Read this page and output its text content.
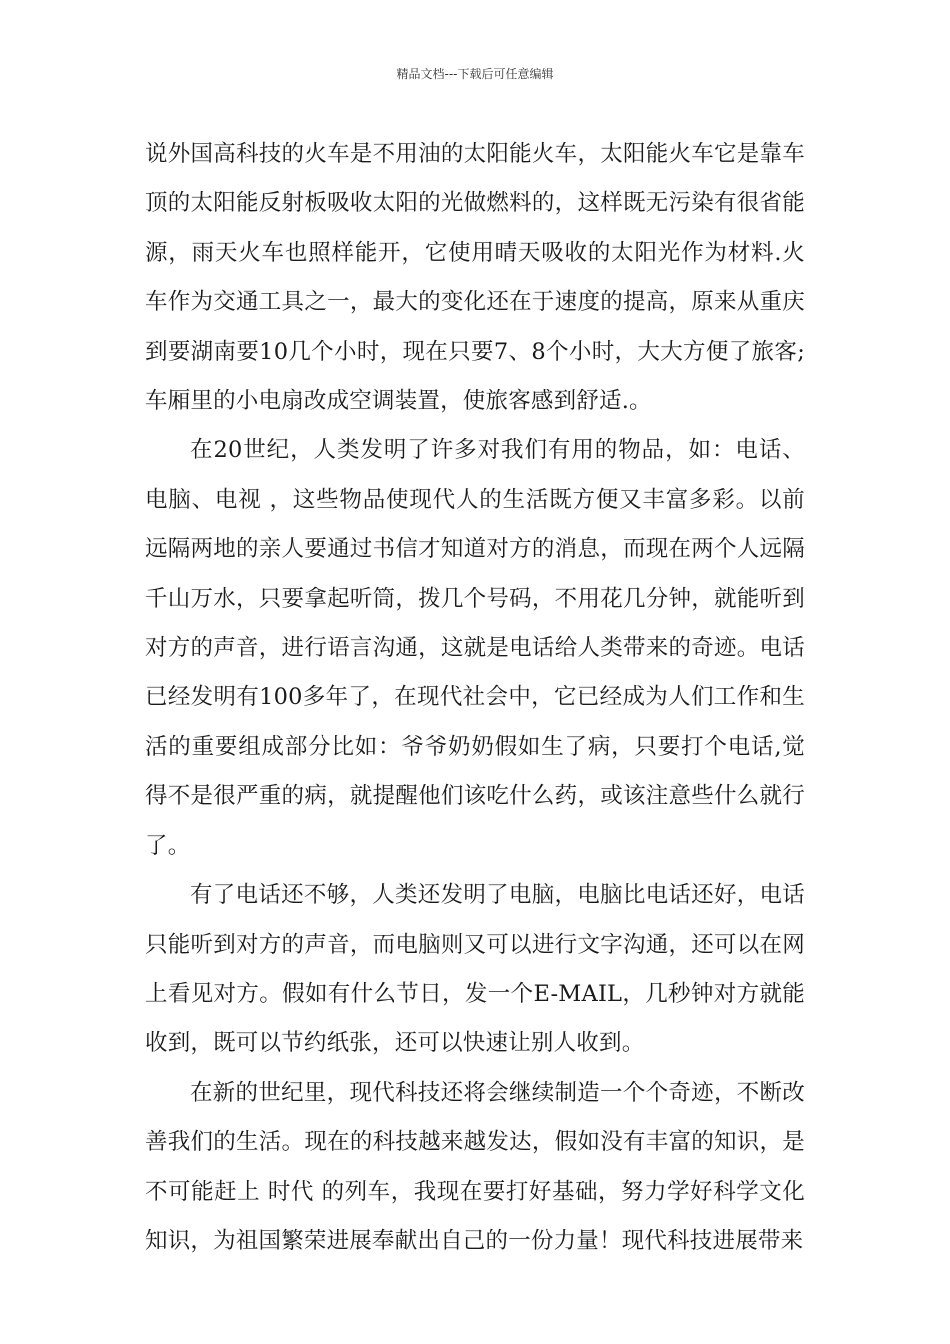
精品文档---下载后可任意编辑

说外国高科技的火车是不用油的太阳能火车，太阳能火车它是靠车顶的太阳能反射板吸收太阳的光做燃料的，这样既无污染有很省能源，雨天火车也照样能开，它使用晴天吸收的太阳光作为材料.火车作为交通工具之一，最大的变化还在于速度的提高，原来从重庆到要湖南要10几个小时，现在只要7、8个小时，大大方便了旅客;车厢里的小电扇改成空调装置，使旅客感到舒适.。

在20世纪，人类发明了许多对我们有用的物品，如：电话、电脑、电视 ，这些物品使现代人的生活既方便又丰富多彩。以前远隔两地的亲人要通过书信才知道对方的消息，而现在两个人远隔千山万水，只要拿起听筒，拨几个号码，不用花几分钟，就能听到对方的声音，进行语言沟通，这就是电话给人类带来的奇迹。电话已经发明有100多年了，在现代社会中，它已经成为人们工作和生活的重要组成部分比如：爷爷奶奶假如生了病，只要打个电话,觉得不是很严重的病，就提醒他们该吃什么药，或该注意些什么就行了。

有了电话还不够，人类还发明了电脑，电脑比电话还好，电话只能听到对方的声音，而电脑则又可以进行文字沟通，还可以在网上看见对方。假如有什么节日，发一个E-MAIL，几秒钟对方就能收到，既可以节约纸张，还可以快速让别人收到。

在新的世纪里，现代科技还将会继续制造一个个奇迹，不断改善我们的生活。现在的科技越来越发达，假如没有丰富的知识，是不可能赶上 时代 的列车，我现在要打好基础，努力学好科学文化知识，为祖国繁荣进展奉献出自己的一份力量！现代科技进展带来
